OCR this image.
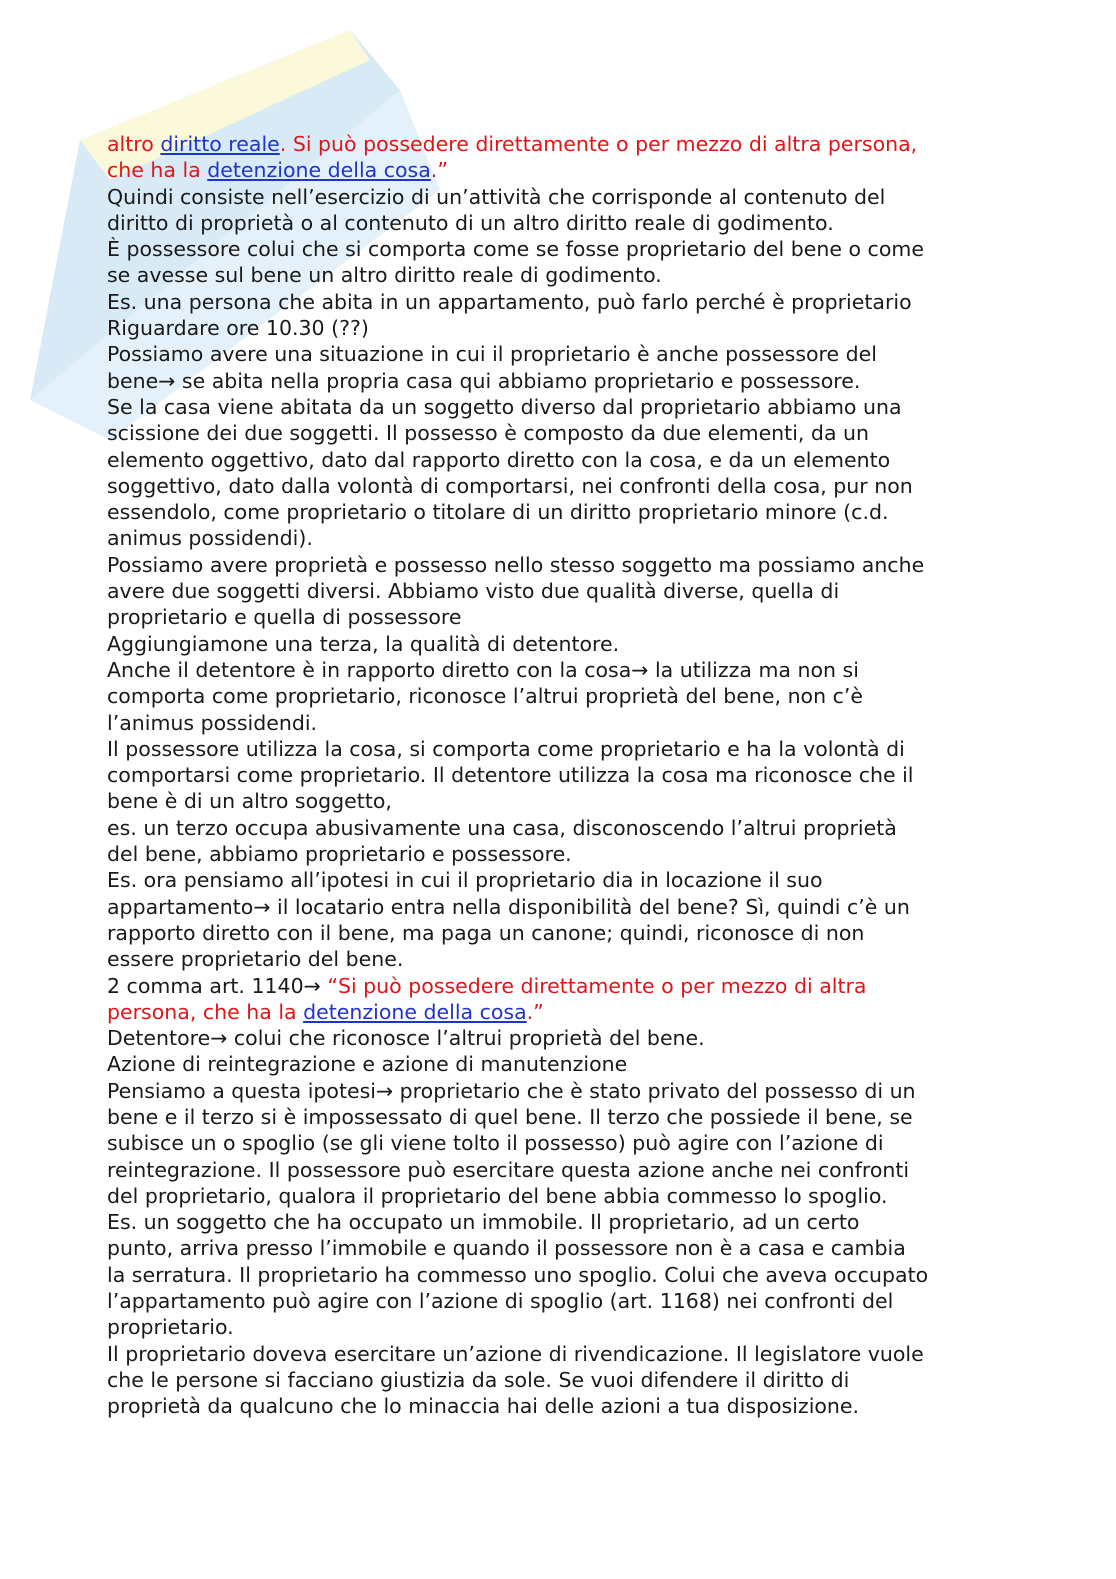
altro diritto reale. Si può possedere direttamente o per mezzo di altra persona,
che ha la detenzione della cosa.”
Quindi consiste nell’esercizio di un’attività che corrisponde al contenuto del
diritto di proprietà o al contenuto di un altro diritto reale di godimento.
È possessore colui che si comporta come se fosse proprietario del bene o come
se avesse sul bene un altro diritto reale di godimento.
Es. una persona che abita in un appartamento, può farlo perché è proprietario
Riguardare ore 10.30 (??)
Possiamo avere una situazione in cui il proprietario è anche possessore del
bene→ se abita nella propria casa qui abbiamo proprietario e possessore.
Se la casa viene abitata da un soggetto diverso dal proprietario abbiamo una
scissione dei due soggetti. Il possesso è composto da due elementi, da un
elemento oggettivo, dato dal rapporto diretto con la cosa, e da un elemento
soggettivo, dato dalla volontà di comportarsi, nei confronti della cosa, pur non
essendolo, come proprietario o titolare di un diritto proprietario minore (c.d.
animus possidendi).
Possiamo avere proprietà e possesso nello stesso soggetto ma possiamo anche
avere due soggetti diversi. Abbiamo visto due qualità diverse, quella di
proprietario e quella di possessore
Aggiungiamone una terza, la qualità di detentore.
Anche il detentore è in rapporto diretto con la cosa→ la utilizza ma non si
comporta come proprietario, riconosce l’altrui proprietà del bene, non c’è
l’animus possidendi.
Il possessore utilizza la cosa, si comporta come proprietario e ha la volontà di
comportarsi come proprietario. Il detentore utilizza la cosa ma riconosce che il
bene è di un altro soggetto,
es. un terzo occupa abusivamente una casa, disconoscendo l’altrui proprietà
del bene, abbiamo proprietario e possessore.
Es. ora pensiamo all’ipotesi in cui il proprietario dia in locazione il suo
appartamento→ il locatario entra nella disponibilità del bene? Sì, quindi c’è un
rapporto diretto con il bene, ma paga un canone; quindi, riconosce di non
essere proprietario del bene.
2 comma art. 1140→ “Si può possedere direttamente o per mezzo di altra
persona, che ha la detenzione della cosa.”
Detentore→ colui che riconosce l’altrui proprietà del bene.
Azione di reintegrazione e azione di manutenzione
Pensiamo a questa ipotesi→ proprietario che è stato privato del possesso di un
bene e il terzo si è impossessato di quel bene. Il terzo che possiede il bene, se
subisce un o spoglio (se gli viene tolto il possesso) può agire con l’azione di
reintegrazione. Il possessore può esercitare questa azione anche nei confronti
del proprietario, qualora il proprietario del bene abbia commesso lo spoglio.
Es. un soggetto che ha occupato un immobile. Il proprietario, ad un certo
punto, arriva presso l’immobile e quando il possessore non è a casa e cambia
la serratura. Il proprietario ha commesso uno spoglio. Colui che aveva occupato
l’appartamento può agire con l’azione di spoglio (art. 1168) nei confronti del
proprietario.
Il proprietario doveva esercitare un’azione di rivendicazione. Il legislatore vuole
che le persone si facciano giustizia da sole. Se vuoi difendere il diritto di
proprietà da qualcuno che lo minaccia hai delle azioni a tua disposizione.
